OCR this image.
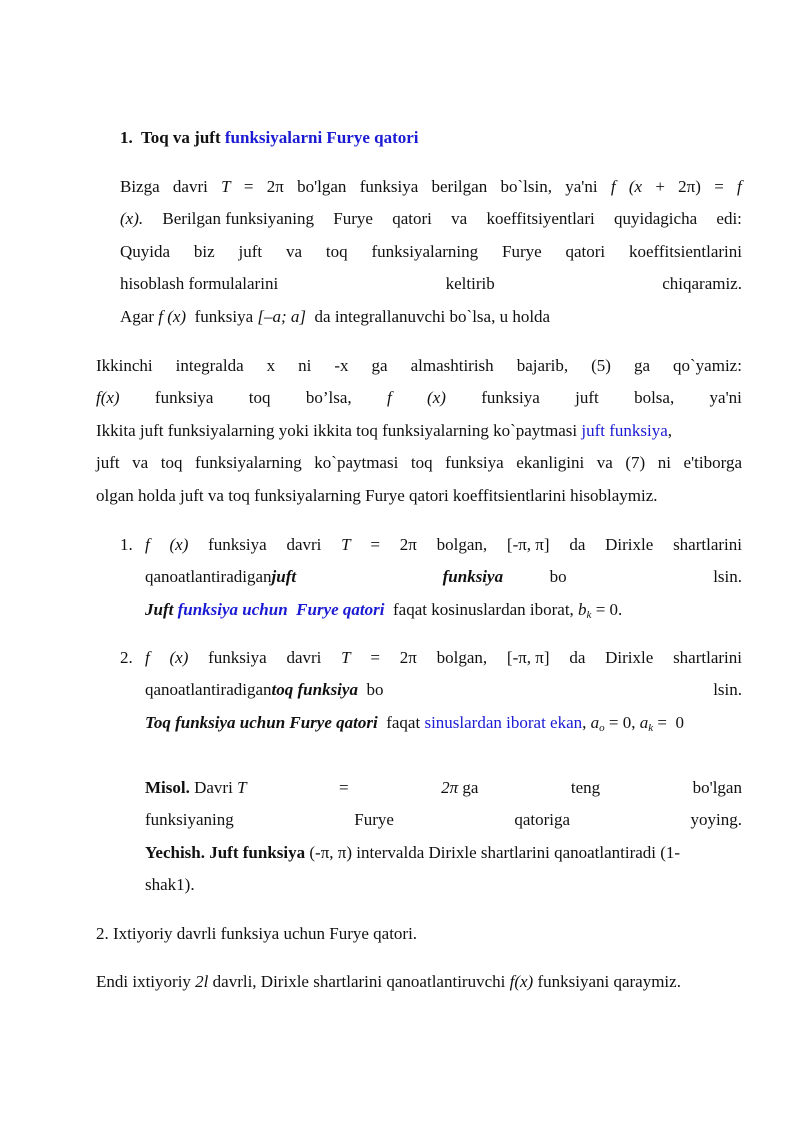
1. Toq va juft funksiyalarni Furye qatori
Bizga davri T = 2π bo'lgan funksiya berilgan bo`lsin, ya'ni f (x + 2π) = f
(x). Berilgan funksiyaning Furye qatori va koeffitsiyentlari quyidagicha edi:
Quyida biz juft va toq funksiyalarning Furye qatori koeffitsientlarini
hisoblash formulalarini	keltirib	chiqaramiz.
Agar f (x) funksiya [–a; a] da integrallanuvchi bo`lsa, u holda
Ikkinchi integralda x ni -x ga almashtirish bajarib, (5) ga qo`yamiz:
f(x) funksiya toq bo’lsa, f (x) funksiya juft bolsa, ya'ni
Ikkita juft funksiyalarning yoki ikkita toq funksiyalarning ko`paytmasi juft funksiya,
juft va toq funksiyalarning ko`paytmasi toq funksiya ekanligini va (7) ni e'tiborga
olgan holda juft va toq funksiyalarning Furye qatori koeffitsientlarini hisoblaymiz.
1. f (x) funksiya davri T = 2π bolgan, [-π, π] da Dirixle shartlarini
qanoatlantiradiganjuft	funksiya	bo	lsin.
Juft funksiya uchun Furye qatori faqat kosinuslardan iborat, $b_k = 0$.
2. f (x) funksiya davri T = 2π bolgan, [-π, π] da Dirixle shartlarini
qanoatlantiradigantoq funksiya bo	lsin.
Toq funksiya uchun Furye qatori faqat sinuslardan iborat ekan, $a_o = 0$, $a_k = 0$
Misol. Davri T	=	2π ga	teng	bo'lgan
funksiyaning	Furye	qatoriga	yoying.
Yechish. Juft funksiya (-π, π) intervalda Dirixle shartlarini qanoatlantiradi (1-
shak1).
2. Ixtiyoriy davrli funksiya uchun Furye qatori.
Endi ixtiyoriy 2l davrli, Dirixle shartlarini qanoatlantiruvchi f(x) funksiyani qaraymiz.
